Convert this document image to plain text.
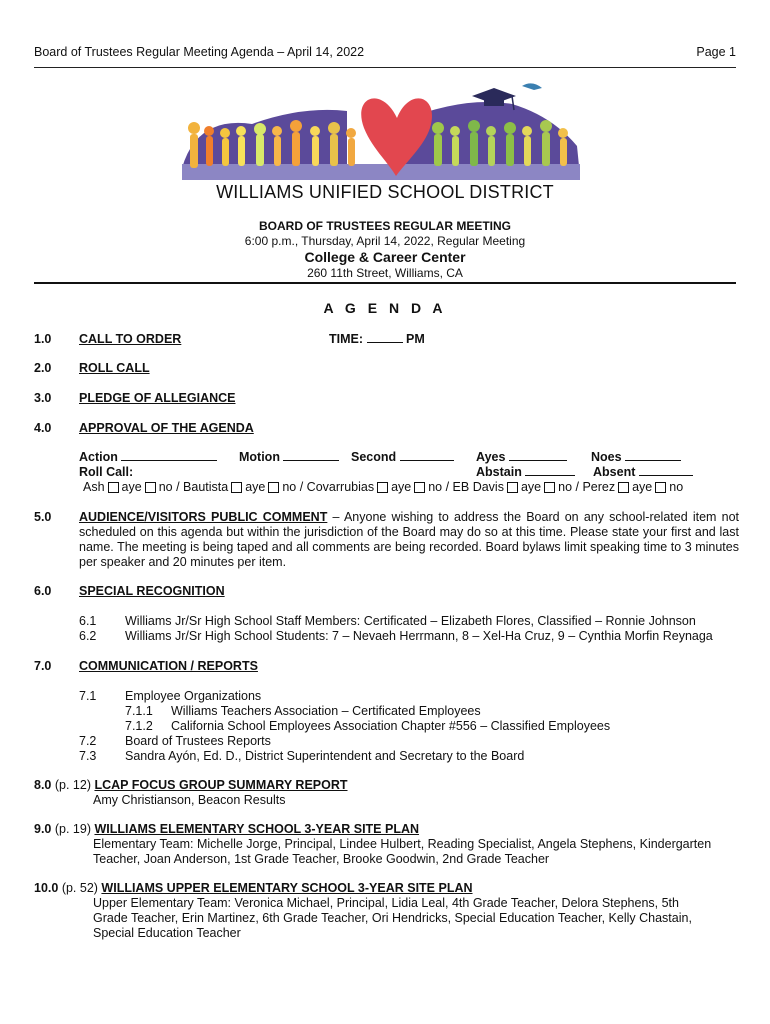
Board of Trustees Regular Meeting Agenda – April 14, 2022	Page 1
WILLIAMS UNIFIED SCHOOL DISTRICT
BOARD OF TRUSTEES REGULAR MEETING
6:00 p.m., Thursday, April 14, 2022, Regular Meeting
College & Career Center
260 11th Street, Williams, CA
A G E N D A
1.0 CALL TO ORDER	TIME:	PM
2.0 ROLL CALL
3.0 PLEDGE OF ALLEGIANCE
4.0 APPROVAL OF THE AGENDA
Action	Motion	Second	Ayes	Noes
Roll Call:	Abstain	Absent
Ash aye no / Bautista aye no / Covarrubias aye no / EB Davis aye no / Perez aye no
5.0 AUDIENCE/VISITORS PUBLIC COMMENT – Anyone wishing to address the Board on any school-related item not scheduled on this agenda but within the jurisdiction of the Board may do so at this time. Please state your first and last name. The meeting is being taped and all comments are being recorded. Board bylaws limit speaking time to 3 minutes per speaker and 20 minutes per item.
6.0 SPECIAL RECOGNITION
6.1 Williams Jr/Sr High School Staff Members: Certificated – Elizabeth Flores, Classified – Ronnie Johnson
6.2 Williams Jr/Sr High School Students: 7 – Nevaeh Herrmann, 8 – Xel-Ha Cruz, 9 – Cynthia Morfin Reynaga
7.0 COMMUNICATION / REPORTS
7.1 Employee Organizations
7.1.1 Williams Teachers Association – Certificated Employees
7.1.2 California School Employees Association Chapter #556 – Classified Employees
7.2 Board of Trustees Reports
7.3 Sandra Ayón, Ed. D., District Superintendent and Secretary to the Board
8.0 (p. 12) LCAP FOCUS GROUP SUMMARY REPORT
Amy Christianson, Beacon Results
9.0 (p. 19) WILLIAMS ELEMENTARY SCHOOL 3-YEAR SITE PLAN
Elementary Team: Michelle Jorge, Principal, Lindee Hulbert, Reading Specialist, Angela Stephens, Kindergarten Teacher, Joan Anderson, 1st Grade Teacher, Brooke Goodwin, 2nd Grade Teacher
10.0 (p. 52) WILLIAMS UPPER ELEMENTARY SCHOOL 3-YEAR SITE PLAN
Upper Elementary Team: Veronica Michael, Principal, Lidia Leal, 4th Grade Teacher, Delora Stephens, 5th Grade Teacher, Erin Martinez, 6th Grade Teacher, Ori Hendricks, Special Education Teacher, Kelly Chastain, Special Education Teacher
